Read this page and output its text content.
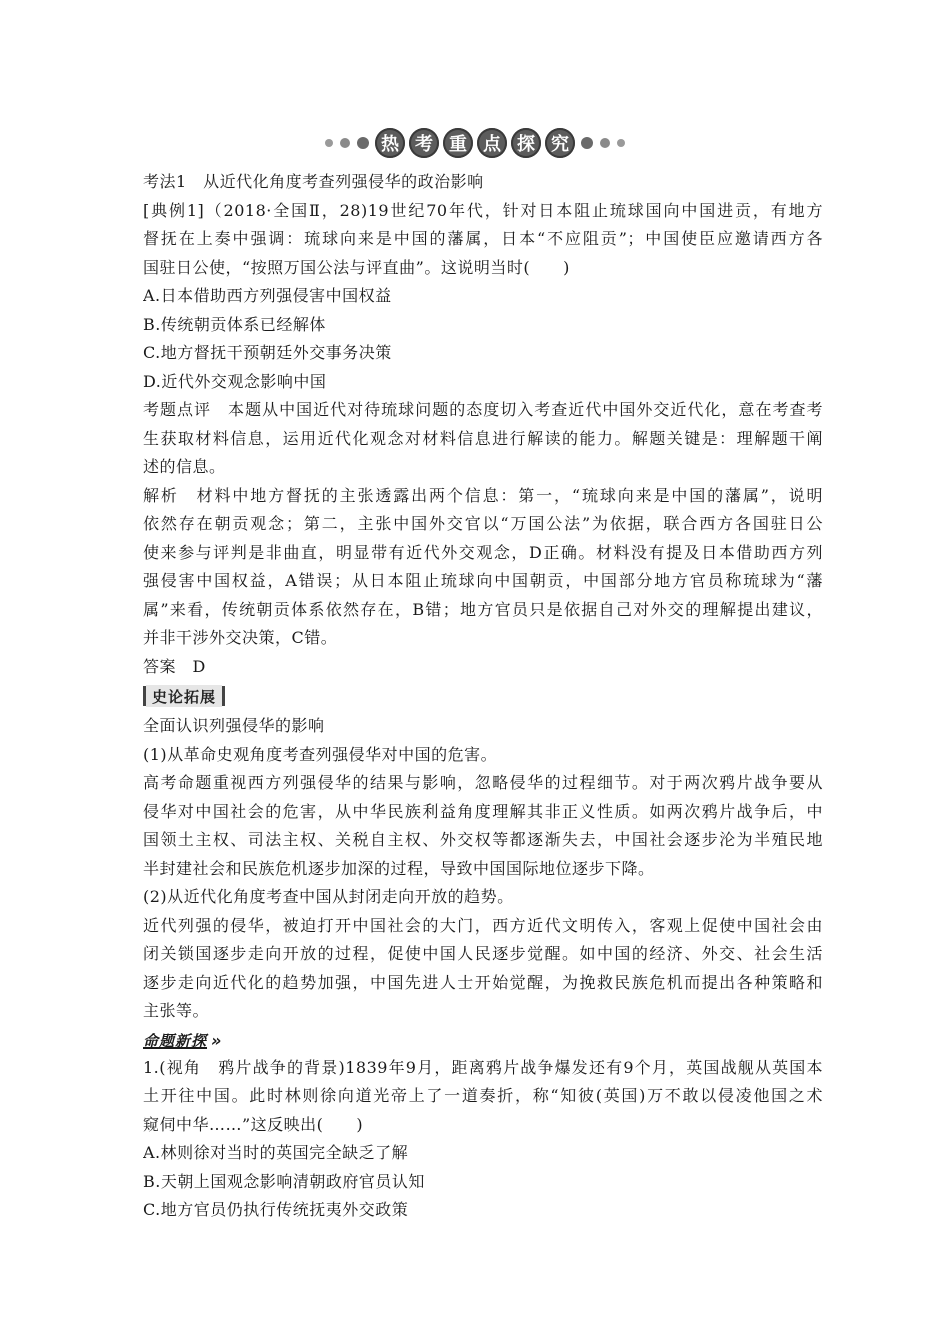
热 考 重 点 探 究
考法1　从近代化角度考查列强侵华的政治影响
[典例1]（2018·全国Ⅱ，28)19世纪70年代，针对日本阻止琉球国向中国进贡，有地方
督抚在上奏中强调：琉球向来是中国的藩属，日本“不应阻贡”；中国使臣应邀请西方各
国驻日公使，“按照万国公法与评直曲”。这说明当时(　　)
A.日本借助西方列强侵害中国权益
B.传统朝贡体系已经解体
C.地方督抚干预朝廷外交事务决策
D.近代外交观念影响中国
考题点评　本题从中国近代对待琉球问题的态度切入考查近代中国外交近代化，意在考查考
生获取材料信息，运用近代化观念对材料信息进行解读的能力。解题关键是：理解题干阐
述的信息。
解析　材料中地方督抚的主张透露出两个信息：第一，“琉球向来是中国的藩属”，说明
依然存在朝贡观念；第二，主张中国外交官以“万国公法”为依据，联合西方各国驻日公
使来参与评判是非曲直，明显带有近代外交观念，D正确。材料没有提及日本借助西方列
强侵害中国权益，A错误；从日本阻止琉球向中国朝贡，中国部分地方官员称琉球为“藩
属”来看，传统朝贡体系依然存在，B错；地方官员只是依据自己对外交的理解提出建议，
并非干涉外交决策，C错。
答案　D
史论拓展
全面认识列强侵华的影响
(1)从革命史观角度考查列强侵华对中国的危害。
高考命题重视西方列强侵华的结果与影响，忽略侵华的过程细节。对于两次鸦片战争要从
侵华对中国社会的危害，从中华民族利益角度理解其非正义性质。如两次鸦片战争后，中
国领土主权、司法主权、关税自主权、外交权等都逐渐失去，中国社会逐步沦为半殖民地
半封建社会和民族危机逐步加深的过程，导致中国国际地位逐步下降。
(2)从近代化角度考查中国从封闭走向开放的趋势。
近代列强的侵华，被迫打开中国社会的大门，西方近代文明传入，客观上促使中国社会由
闭关锁国逐步走向开放的过程，促使中国人民逐步觉醒。如中国的经济、外交、社会生活
逐步走向近代化的趋势加强，中国先进人士开始觉醒，为挽救民族危机而提出各种策略和
主张等。
命题新探 »
1.(视角　鸦片战争的背景)1839年9月，距离鸦片战争爆发还有9个月，英国战舰从英国本
土开往中国。此时林则徐向道光帝上了一道奏折，称“知彼(英国)万不敢以侵凌他国之术
窥伺中华……”这反映出(　　)
A.林则徐对当时的英国完全缺乏了解
B.天朝上国观念影响清朝政府官员认知
C.地方官员仍执行传统抚夷外交政策
